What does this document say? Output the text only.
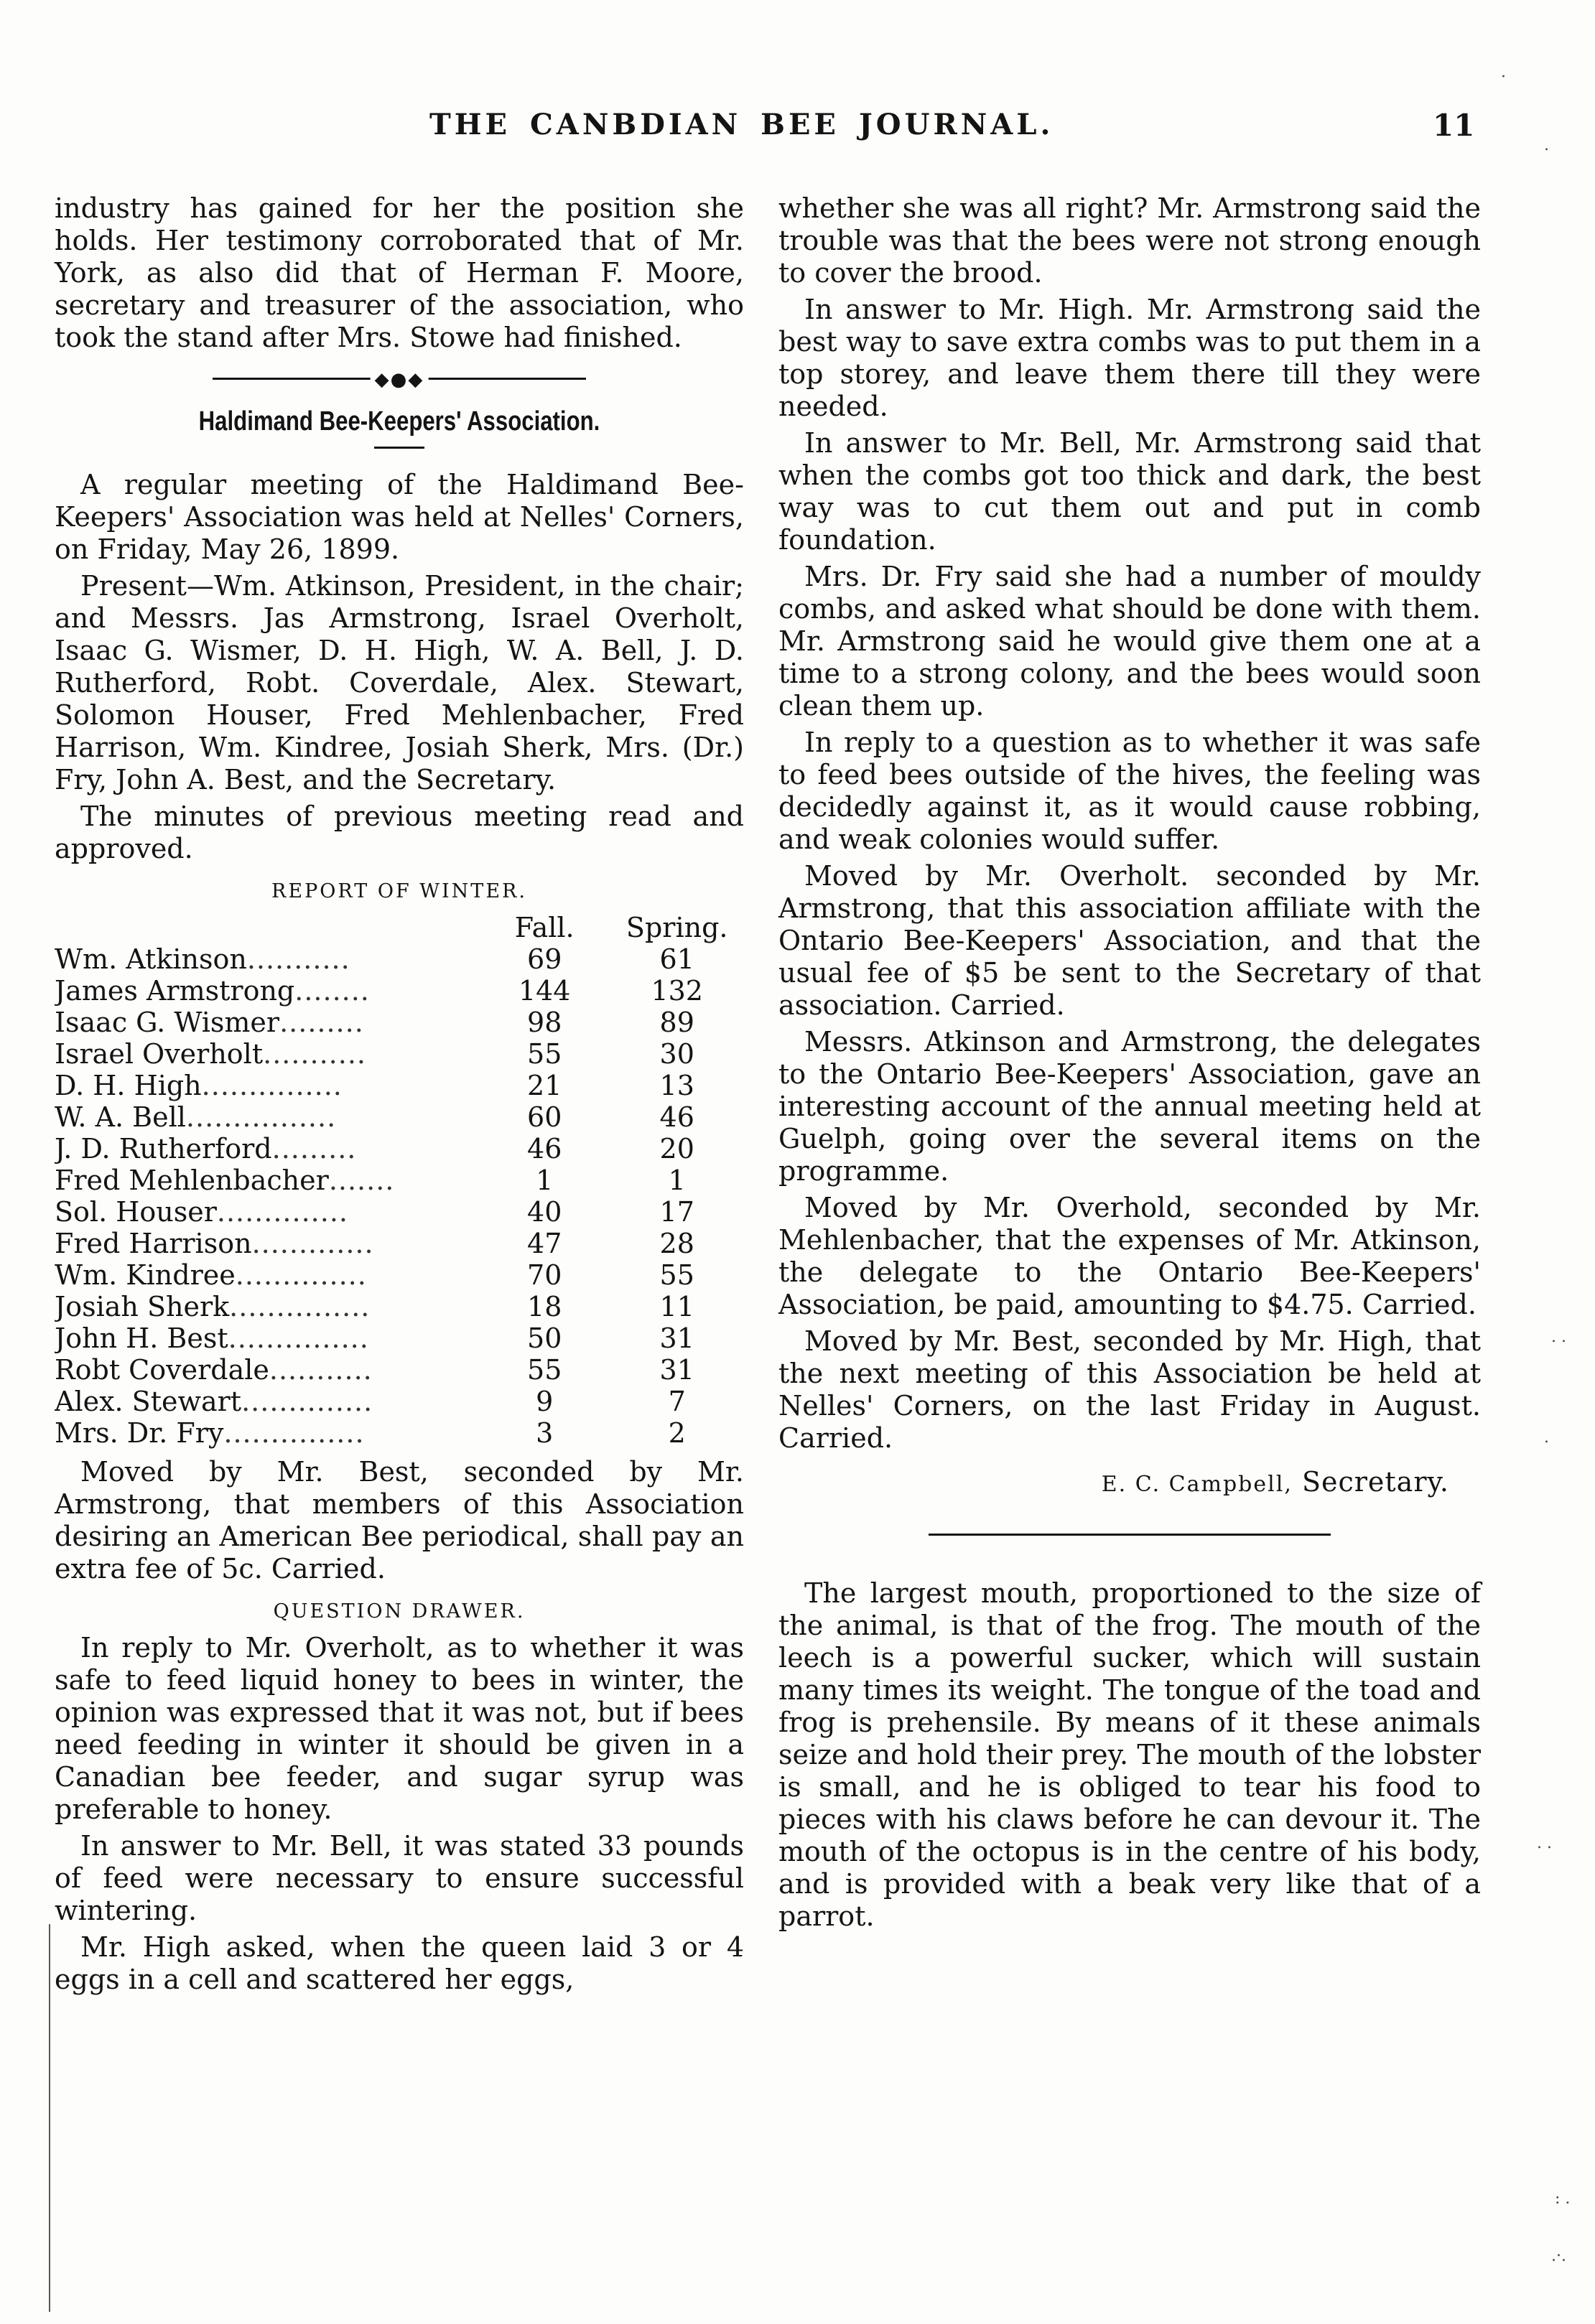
THE CANBDIAN BEE JOURNAL.	11

industry has gained for her the position she holds. Her testimony corroborated that of Mr. York, as also did that of Herman F. Moore, secretary and treasurer of the association, who took the stand after Mrs. Stowe had finished.

◆●◆
Haldimand Bee-Keepers' Association.

A regular meeting of the Haldimand Bee-Keepers' Association was held at Nelles' Corners, on Friday, May 26, 1899.

Present—Wm. Atkinson, President, in the chair; and Messrs. Jas Armstrong, Israel Overholt, Isaac G. Wismer, D. H. High, W. A. Bell, J. D. Rutherford, Robt. Coverdale, Alex. Stewart, Solomon Houser, Fred Mehlenbacher, Fred Harrison, Wm. Kindree, Josiah Sherk, Mrs. (Dr.) Fry, John A. Best, and the Secretary.

The minutes of previous meeting read and approved.

REPORT OF WINTER.
	Fall.	Spring.
Wm. Atkinson...........	69	61
James Armstrong........	144	132
Isaac G. Wismer.........	98	89
Israel Overholt...........	55	30
D. H. High...............	21	13
W. A. Bell................	60	46
J. D. Rutherford.........	46	20
Fred Mehlenbacher.......	1	1
Sol. Houser..............	40	17
Fred Harrison.............	47	28
Wm. Kindree..............	70	55
Josiah Sherk...............	18	11
John H. Best...............	50	31
Robt Coverdale...........	55	31
Alex. Stewart..............	9	7
Mrs. Dr. Fry...............	3	2

Moved by Mr. Best, seconded by Mr. Armstrong, that members of this Association desiring an American Bee periodical, shall pay an extra fee of 5c. Carried.

QUESTION DRAWER.

In reply to Mr. Overholt, as to whether it was safe to feed liquid honey to bees in winter, the opinion was expressed that it was not, but if bees need feeding in winter it should be given in a Canadian bee feeder, and sugar syrup was preferable to honey.

In answer to Mr. Bell, it was stated 33 pounds of feed were necessary to ensure successful wintering.

Mr. High asked, when the queen laid 3 or 4 eggs in a cell and scattered her eggs,

whether she was all right? Mr. Armstrong said the trouble was that the bees were not strong enough to cover the brood.

In answer to Mr. High. Mr. Armstrong said the best way to save extra combs was to put them in a top storey, and leave them there till they were needed.

In answer to Mr. Bell, Mr. Armstrong said that when the combs got too thick and dark, the best way was to cut them out and put in comb foundation.

Mrs. Dr. Fry said she had a number of mouldy combs, and asked what should be done with them. Mr. Armstrong said he would give them one at a time to a strong colony, and the bees would soon clean them up.

In reply to a question as to whether it was safe to feed bees outside of the hives, the feeling was decidedly against it, as it would cause robbing, and weak colonies would suffer.

Moved by Mr. Overholt. seconded by Mr. Armstrong, that this association affiliate with the Ontario Bee-Keepers' Association, and that the usual fee of $5 be sent to the Secretary of that association. Carried.

Messrs. Atkinson and Armstrong, the delegates to the Ontario Bee-Keepers' Association, gave an interesting account of the annual meeting held at Guelph, going over the several items on the programme.

Moved by Mr. Overhold, seconded by Mr. Mehlenbacher, that the expenses of Mr. Atkinson, the delegate to the Ontario Bee-Keepers' Association, be paid, amounting to $4.75. Carried.

Moved by Mr. Best, seconded by Mr. High, that the next meeting of this Association be held at Nelles' Corners, on the last Friday in August. Carried.

E. C. Campbell, Secretary.

The largest mouth, proportioned to the size of the animal, is that of the frog. The mouth of the leech is a powerful sucker, which will sustain many times its weight. The tongue of the toad and frog is prehensile. By means of it these animals seize and hold their prey. The mouth of the lobster is small, and he is obliged to tear his food to pieces with his claws before he can devour it. The mouth of the octopus is in the centre of his body, and is provided with a beak very like that of a parrot.

·
.
. .
.
. .
: .
.·.
